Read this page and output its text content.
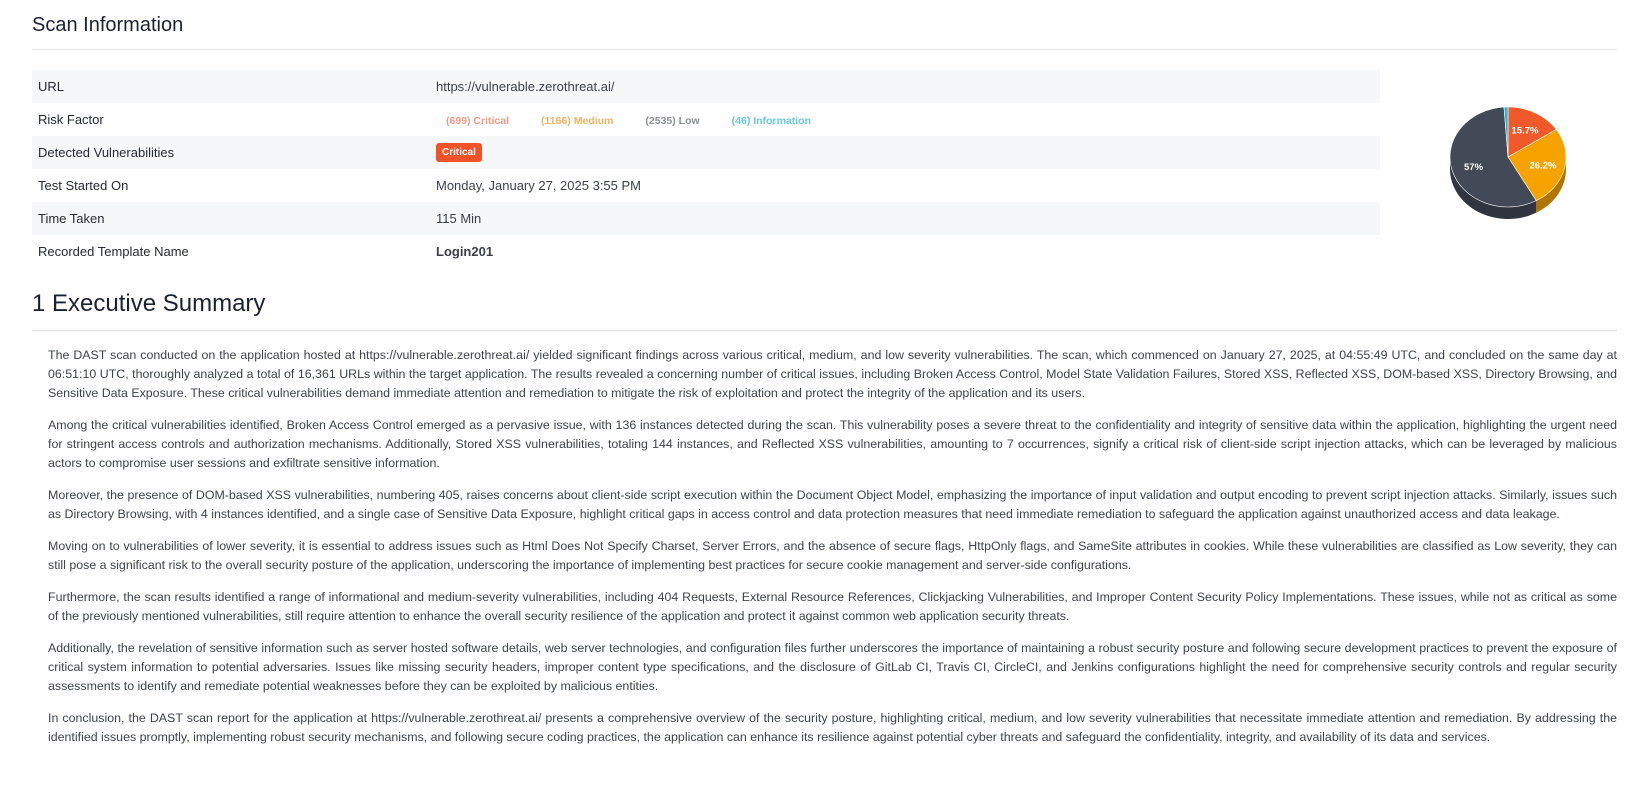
Scan Information
URL	https://vulnerable.zerothreat.ai/
Risk Factor	(699) Critical (1166) Medium (2535) Low (46) Information
Detected Vulnerabilities	Critical
Test Started On	Monday, January 27, 2025 3:55 PM
Time Taken	115 Min
Recorded Template Name	Login201
15.7%
26.2%
57%
1 Executive Summary

The DAST scan conducted on the application hosted at https://vulnerable.zerothreat.ai/ yielded significant findings across various critical, medium, and low severity vulnerabilities. The scan, which commenced on January 27, 2025, at 04:55:49 UTC, and concluded on the same day at 06:51:10 UTC, thoroughly analyzed a total of 16,361 URLs within the target application. The results revealed a concerning number of critical issues, including Broken Access Control, Model State Validation Failures, Stored XSS, Reflected XSS, DOM-based XSS, Directory Browsing, and Sensitive Data Exposure. These critical vulnerabilities demand immediate attention and remediation to mitigate the risk of exploitation and protect the integrity of the application and its users.

Among the critical vulnerabilities identified, Broken Access Control emerged as a pervasive issue, with 136 instances detected during the scan. This vulnerability poses a severe threat to the confidentiality and integrity of sensitive data within the application, highlighting the urgent need for stringent access controls and authorization mechanisms. Additionally, Stored XSS vulnerabilities, totaling 144 instances, and Reflected XSS vulnerabilities, amounting to 7 occurrences, signify a critical risk of client-side script injection attacks, which can be leveraged by malicious actors to compromise user sessions and exfiltrate sensitive information.

Moreover, the presence of DOM-based XSS vulnerabilities, numbering 405, raises concerns about client-side script execution within the Document Object Model, emphasizing the importance of input validation and output encoding to prevent script injection attacks. Similarly, issues such as Directory Browsing, with 4 instances identified, and a single case of Sensitive Data Exposure, highlight critical gaps in access control and data protection measures that need immediate remediation to safeguard the application against unauthorized access and data leakage.

Moving on to vulnerabilities of lower severity, it is essential to address issues such as Html Does Not Specify Charset, Server Errors, and the absence of secure flags, HttpOnly flags, and SameSite attributes in cookies. While these vulnerabilities are classified as Low severity, they can still pose a significant risk to the overall security posture of the application, underscoring the importance of implementing best practices for secure cookie management and server-side configurations.

Furthermore, the scan results identified a range of informational and medium-severity vulnerabilities, including 404 Requests, External Resource References, Clickjacking Vulnerabilities, and Improper Content Security Policy Implementations. These issues, while not as critical as some of the previously mentioned vulnerabilities, still require attention to enhance the overall security resilience of the application and protect it against common web application security threats.

Additionally, the revelation of sensitive information such as server hosted software details, web server technologies, and configuration files further underscores the importance of maintaining a robust security posture and following secure development practices to prevent the exposure of critical system information to potential adversaries. Issues like missing security headers, improper content type specifications, and the disclosure of GitLab CI, Travis CI, CircleCI, and Jenkins configurations highlight the need for comprehensive security controls and regular security assessments to identify and remediate potential weaknesses before they can be exploited by malicious entities.

In conclusion, the DAST scan report for the application at https://vulnerable.zerothreat.ai/ presents a comprehensive overview of the security posture, highlighting critical, medium, and low severity vulnerabilities that necessitate immediate attention and remediation. By addressing the identified issues promptly, implementing robust security mechanisms, and following secure coding practices, the application can enhance its resilience against potential cyber threats and safeguard the confidentiality, integrity, and availability of its data and services.
